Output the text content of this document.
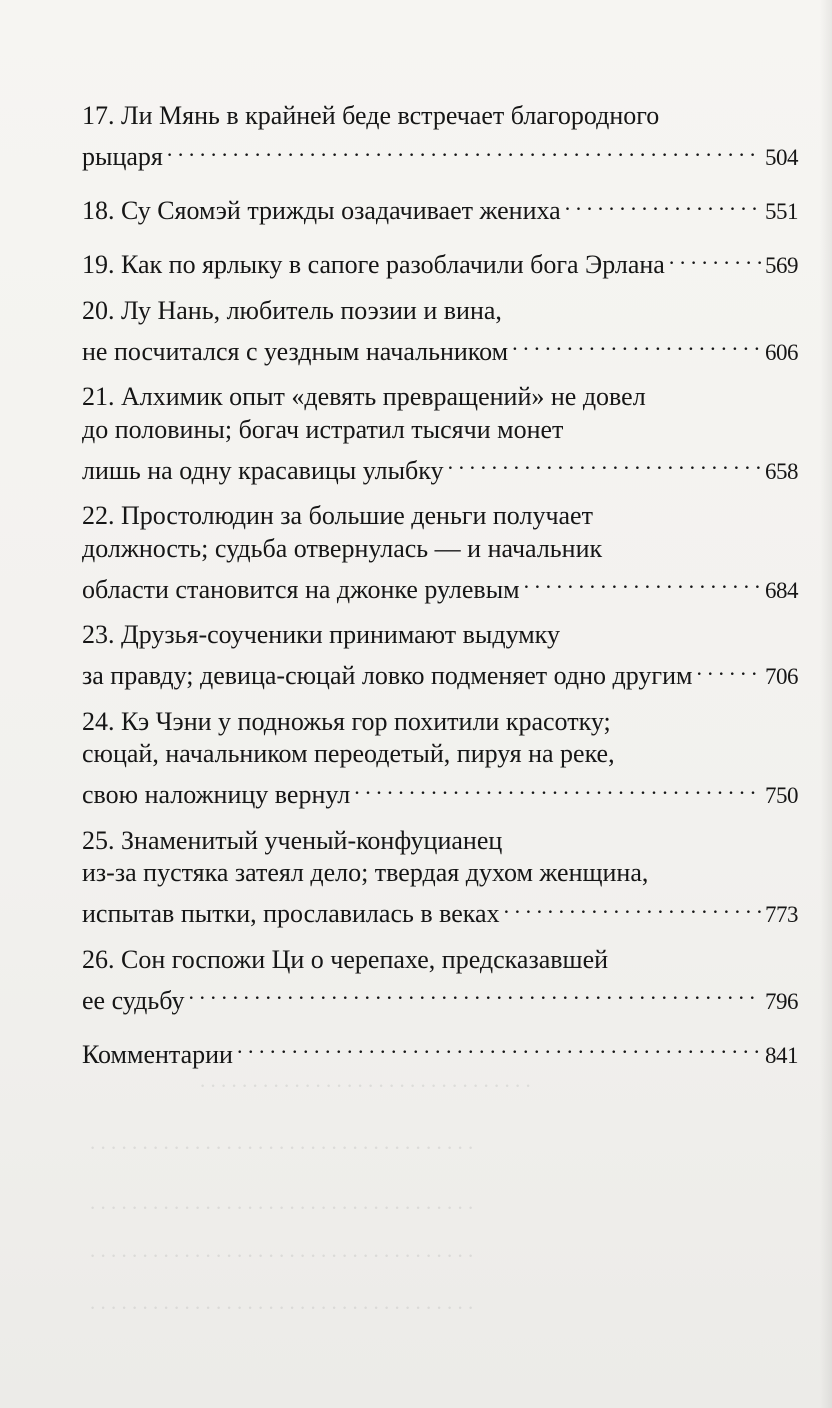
. . . . . . . . . . . . . . . . . . . . . . . . . . . . . . . .
. . . . . . . . . . . . . . . . . . . . . . . . . . . . . . . . . . . . .
. . . . . . . . . . . . . . . . . . . . . . . . . . . . . . . . . . . . .
. . . . . . . . . . . . . . . . . . . . . . . . . . . . . . . . . . . . .
. . . . . . . . . . . . . . . . . . . . . . . . . . . . . . . . . . . . .
17. Ли Мянь в крайней беде встречает благородного
рыцаря . . .	504
18. Су Сяомэй трижды озадачивает жениха . . .	551
19. Как по ярлыку в сапоге разоблачили бога Эрлана . . .	569
20. Лу Нань, любитель поэзии и вина,
не посчитался с уездным начальником . . .	606
21. Алхимик опыт «девять превращений» не довел
до половины; богач истратил тысячи монет
лишь на одну красавицы улыбку . . .	658
22. Простолюдин за большие деньги получает
должность; судьба отвернулась — и начальник
области становится на джонке рулевым . . .	684
23. Друзья-соученики принимают выдумку
за правду; девица-сюцай ловко подменяет одно другим . . .	706
24. Кэ Чэни у подножья гор похитили красотку;
сюцай, начальником переодетый, пируя на реке,
свою наложницу вернул . . .	750
25. Знаменитый ученый-конфуцианец
из-за пустяка затеял дело; твердая духом женщина,
испытав пытки, прославилась в веках . . .	773
26. Сон госпожи Ци о черепахе, предсказавшей
ее судьбу . . .	796
Комментарии . . .	841
